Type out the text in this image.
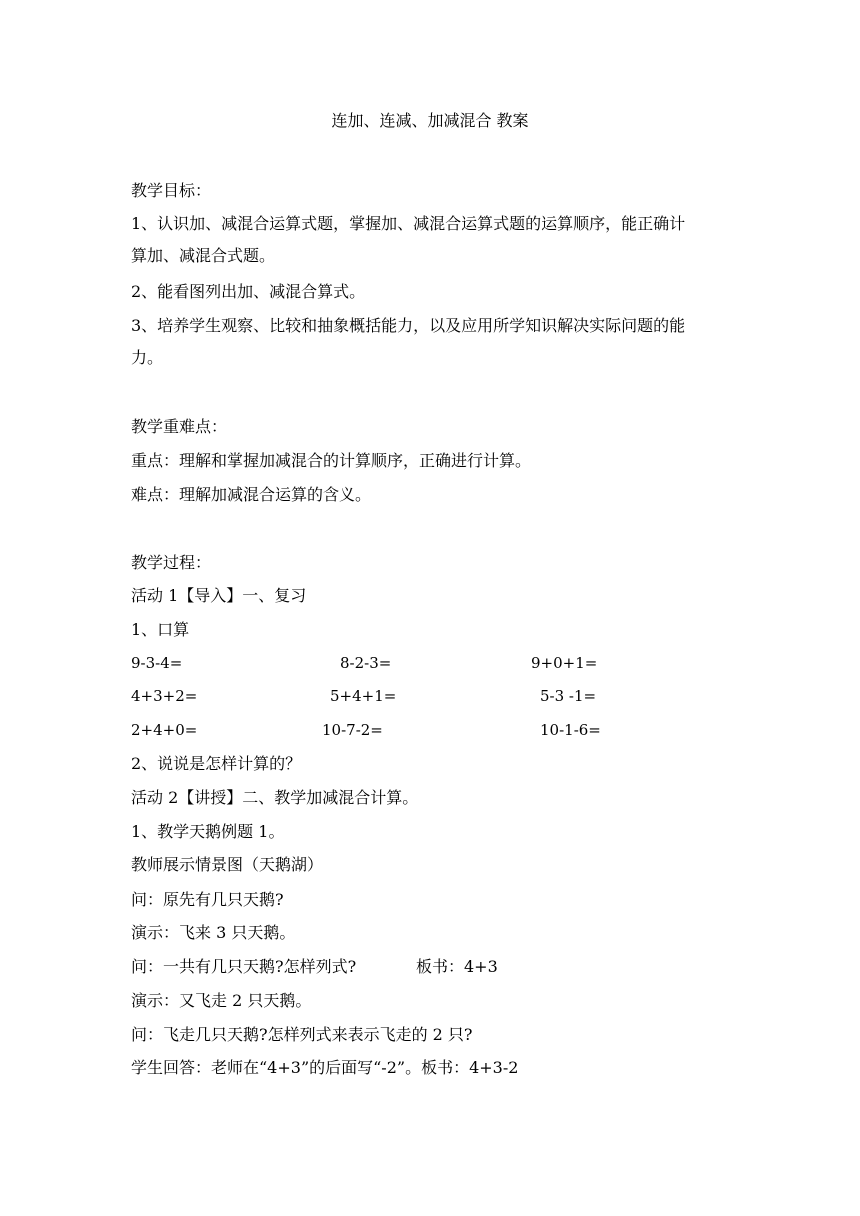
连加、连减、加减混合 教案
教学目标：
1、认识加、减混合运算式题，掌握加、减混合运算式题的运算顺序，能正确计
算加、减混合式题。
2、能看图列出加、减混合算式。
3、培养学生观察、比较和抽象概括能力，以及应用所学知识解决实际问题的能
力。
教学重难点：
重点：理解和掌握加减混合的计算顺序，正确进行计算。
难点：理解加减混合运算的含义。
教学过程：
活动 1【导入】一、复习
1、口算
9-3-4=	8-2-3=	9+0+1=
4+3+2=	5+4+1=	5-3 -1=
2+4+0=	10-7-2=	10-1-6=
2、说说是怎样计算的？
活动 2【讲授】二、教学加减混合计算。
1、教学天鹅例题 1。
教师展示情景图（天鹅湖）
问：原先有几只天鹅?
演示：飞来 3 只天鹅。
问：一共有几只天鹅?怎样列式?	板书：4+3
演示：又飞走 2 只天鹅。
问：飞走几只天鹅?怎样列式来表示飞走的 2 只?
学生回答：老师在“4+3”的后面写“-2”。板书：4+3-2
